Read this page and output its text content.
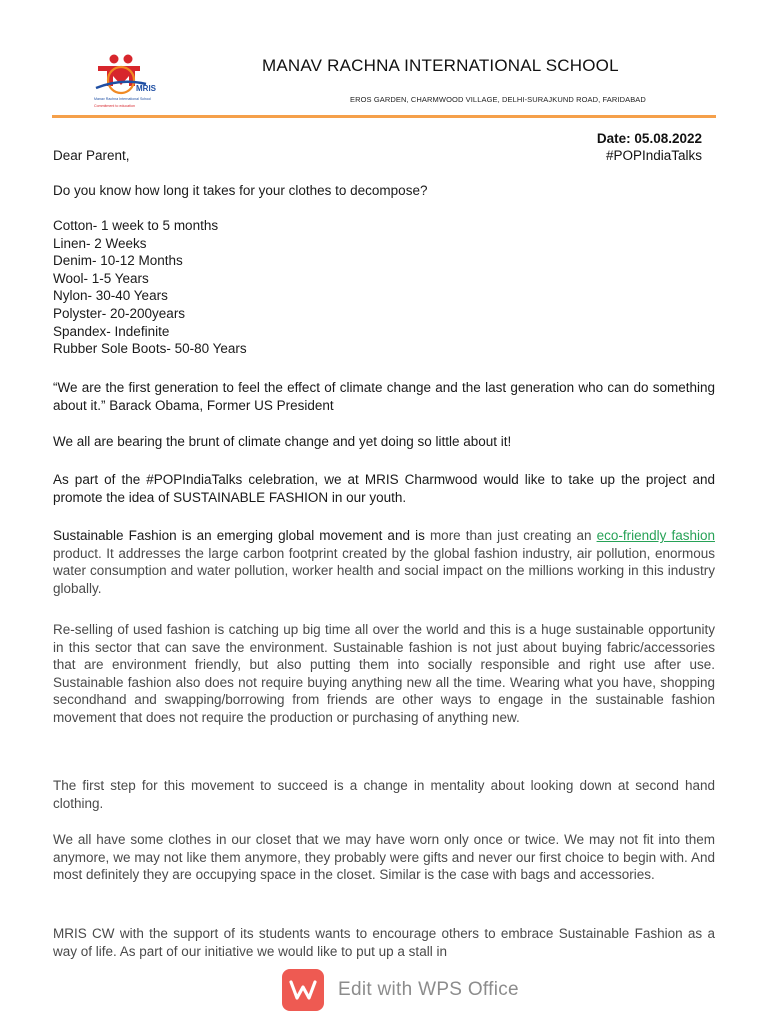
MRIS
Manav Rachna International School
Commitment to education
MANAV RACHNA INTERNATIONAL SCHOOL
EROS GARDEN, CHARMWOOD VILLAGE, DELHI-SURAJKUND ROAD, FARIDABAD
Date: 05.08.2022
#POPIndiaTalks
Dear Parent,
Do you know how long it takes for your clothes to decompose?
Cotton- 1 week to 5 months
Linen- 2 Weeks
Denim- 10-12 Months
Wool- 1-5 Years
Nylon- 30-40 Years
Polyster- 20-200years
Spandex- Indefinite
Rubber Sole Boots- 50-80 Years
“We are the first generation to feel the effect of climate change and the last generation who can do something about it.” Barack Obama, Former US President
We all are bearing the brunt of climate change and yet doing so little about it!
As part of the #POPIndiaTalks celebration, we at MRIS Charmwood would like to take up the project and promote the idea of SUSTAINABLE FASHION in our youth.
Sustainable Fashion is an emerging global movement and is more than just creating an eco-friendly fashion product. It addresses the large carbon footprint created by the global fashion industry, air pollution, enormous water consumption and water pollution, worker health and social impact on the millions working in this industry globally.
Re-selling of used fashion is catching up big time all over the world and this is a huge sustainable opportunity in this sector that can save the environment. Sustainable fashion is not just about buying fabric/accessories that are environment friendly, but also putting them into socially responsible and right use after use. Sustainable fashion also does not require buying anything new all the time. Wearing what you have, shopping secondhand and swapping/borrowing from friends are other ways to engage in the sustainable fashion movement that does not require the production or purchasing of anything new.
The first step for this movement to succeed is a change in mentality about looking down at second hand clothing.
We all have some clothes in our closet that we may have worn only once or twice. We may not fit into them anymore, we may not like them anymore, they probably were gifts and never our first choice to begin with. And most definitely they are occupying space in the closet. Similar is the case with bags and accessories.
MRIS CW with the support of its students wants to encourage others to embrace Sustainable Fashion as a way of life. As part of our initiative we would like to put up a stall in
Edit with WPS Office
